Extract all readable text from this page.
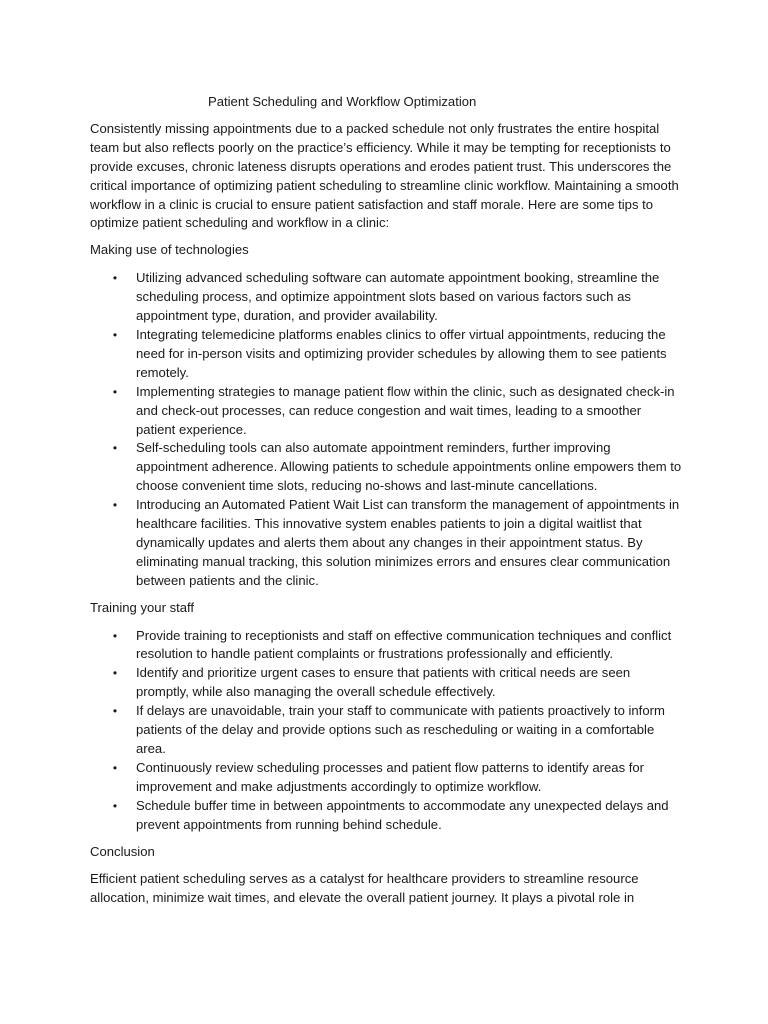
Patient Scheduling and Workflow Optimization

Consistently missing appointments due to a packed schedule not only frustrates the entire hospital team but also reflects poorly on the practice’s efficiency. While it may be tempting for receptionists to provide excuses, chronic lateness disrupts operations and erodes patient trust. This underscores the critical importance of optimizing patient scheduling to streamline clinic workflow. Maintaining a smooth workflow in a clinic is crucial to ensure patient satisfaction and staff morale. Here are some tips to optimize patient scheduling and workflow in a clinic:

Making use of technologies

• Utilizing advanced scheduling software can automate appointment booking, streamline the scheduling process, and optimize appointment slots based on various factors such as appointment type, duration, and provider availability.
• Integrating telemedicine platforms enables clinics to offer virtual appointments, reducing the need for in-person visits and optimizing provider schedules by allowing them to see patients remotely.
• Implementing strategies to manage patient flow within the clinic, such as designated check-in and check-out processes, can reduce congestion and wait times, leading to a smoother patient experience.
• Self-scheduling tools can also automate appointment reminders, further improving appointment adherence. Allowing patients to schedule appointments online empowers them to choose convenient time slots, reducing no-shows and last-minute cancellations.
• Introducing an Automated Patient Wait List can transform the management of appointments in healthcare facilities. This innovative system enables patients to join a digital waitlist that dynamically updates and alerts them about any changes in their appointment status. By eliminating manual tracking, this solution minimizes errors and ensures clear communication between patients and the clinic.

Training your staff

• Provide training to receptionists and staff on effective communication techniques and conflict resolution to handle patient complaints or frustrations professionally and efficiently.
• Identify and prioritize urgent cases to ensure that patients with critical needs are seen promptly, while also managing the overall schedule effectively.
• If delays are unavoidable, train your staff to communicate with patients proactively to inform patients of the delay and provide options such as rescheduling or waiting in a comfortable area.
• Continuously review scheduling processes and patient flow patterns to identify areas for improvement and make adjustments accordingly to optimize workflow.
• Schedule buffer time in between appointments to accommodate any unexpected delays and prevent appointments from running behind schedule.

Conclusion

Efficient patient scheduling serves as a catalyst for healthcare providers to streamline resource allocation, minimize wait times, and elevate the overall patient journey. It plays a pivotal role in
